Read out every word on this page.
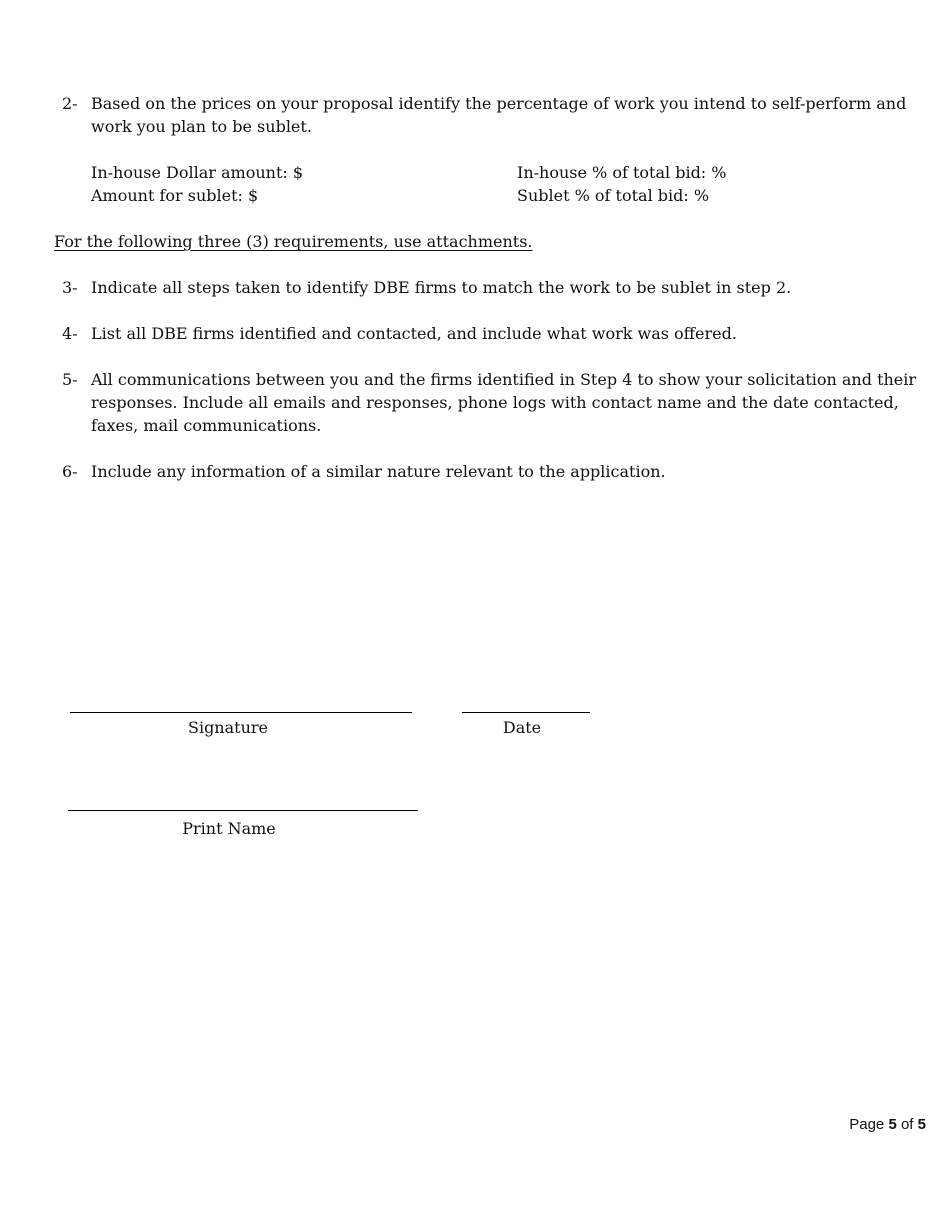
2- Based on the prices on your proposal identify the percentage of work you intend to self-perform and work you plan to be sublet.
In-house Dollar amount: $
Amount for sublet: $
In-house % of total bid: %
Sublet % of total bid: %
For the following three (3) requirements, use attachments.
3- Indicate all steps taken to identify DBE firms to match the work to be sublet in step 2.
4- List all DBE firms identified and contacted, and include what work was offered.
5- All communications between you and the firms identified in Step 4 to show your solicitation and their responses. Include all emails and responses, phone logs with contact name and the date contacted, faxes, mail communications.
6- Include any information of a similar nature relevant to the application.
Signature	Date
Print Name
Page 5 of 5
